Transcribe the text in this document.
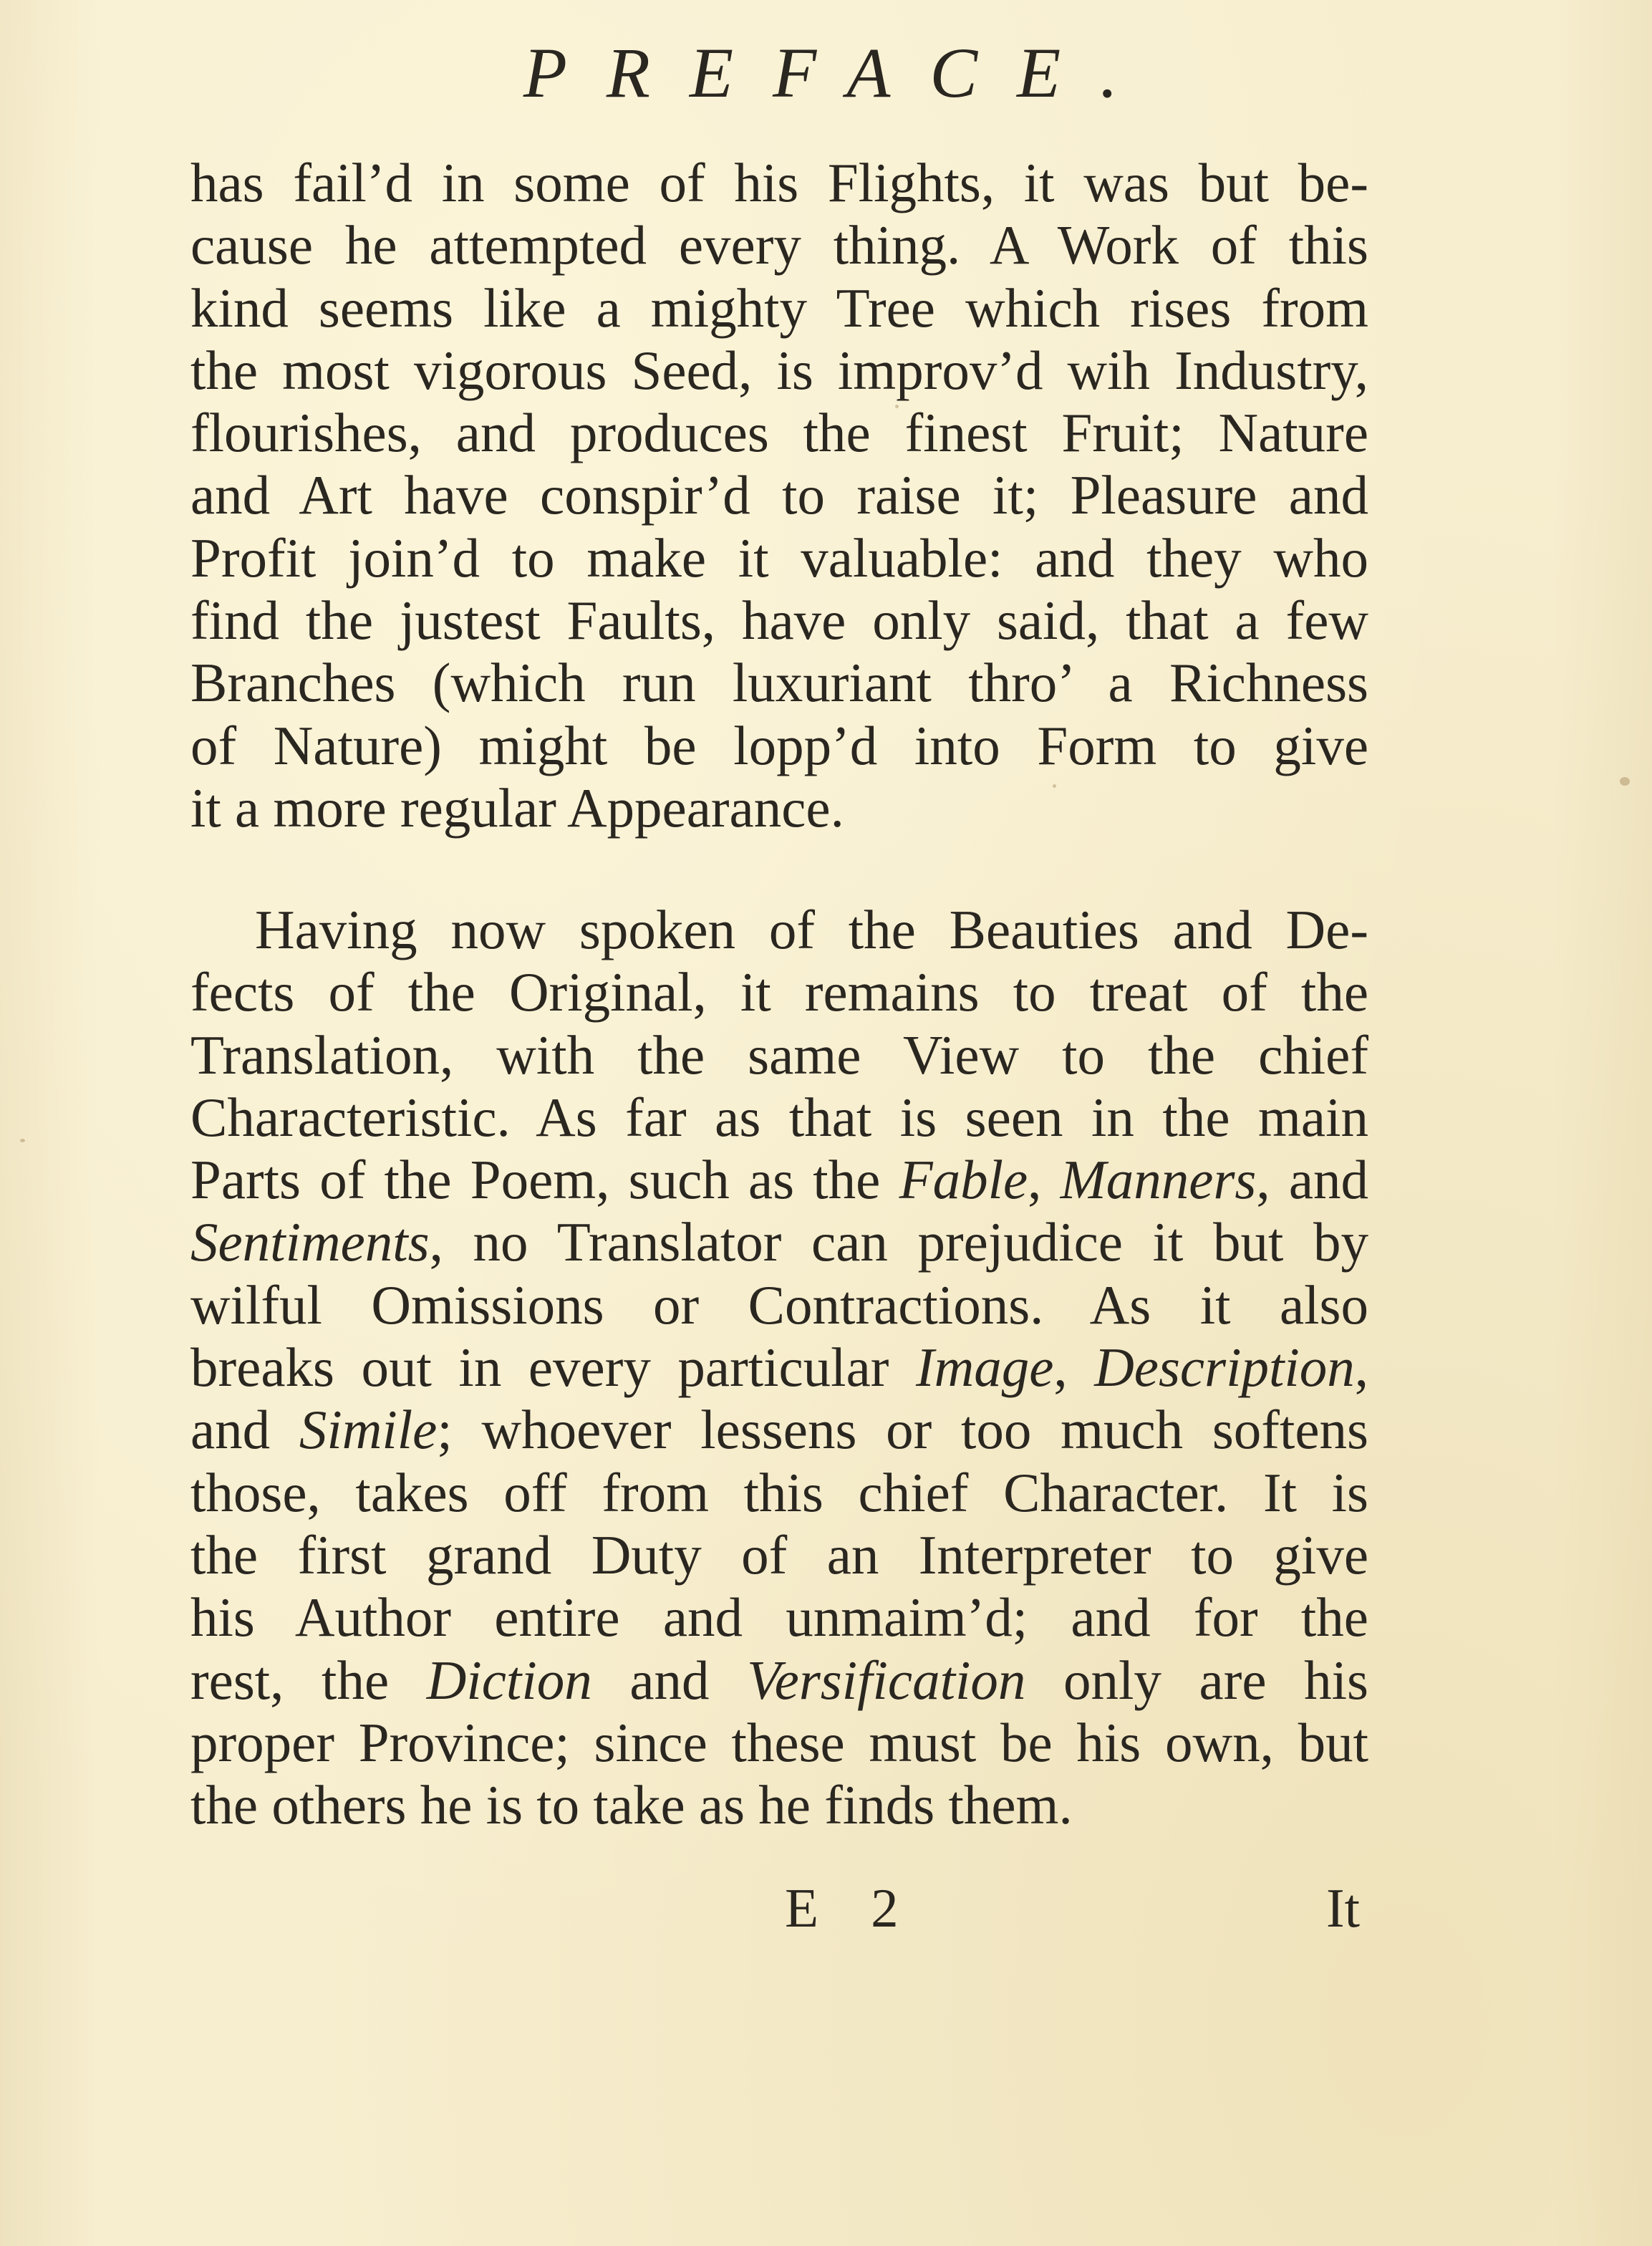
PREFACE.
has fail’d in some of his Flights, it was but be-
cause he attempted every thing. A Work of this
kind seems like a mighty Tree which rises from
the most vigorous Seed, is improv’d wih Industry,
flourishes, and produces the finest Fruit; Nature
and Art have conspir’d to raise it; Pleasure and
Profit join’d to make it valuable: and they who
find the justest Faults, have only said, that a few
Branches (which run luxuriant thro’ a Richness
of Nature) might be lopp’d into Form to give
it a more regular Appearance.
Having now spoken of the Beauties and De-
fects of the Original, it remains to treat of the
Translation, with the same View to the chief
Characteristic. As far as that is seen in the main
Parts of the Poem, such as the Fable, Manners, and
Sentiments, no Translator can prejudice it but by
wilful Omissions or Contractions. As it also
breaks out in every particular Image, Description,
and Simile; whoever lessens or too much softens
those, takes off from this chief Character. It is
the first grand Duty of an Interpreter to give
his Author entire and unmaim’d; and for the
rest, the Diction and Versification only are his
proper Province; since these must be his own, but
the others he is to take as he finds them.
E 2	It
